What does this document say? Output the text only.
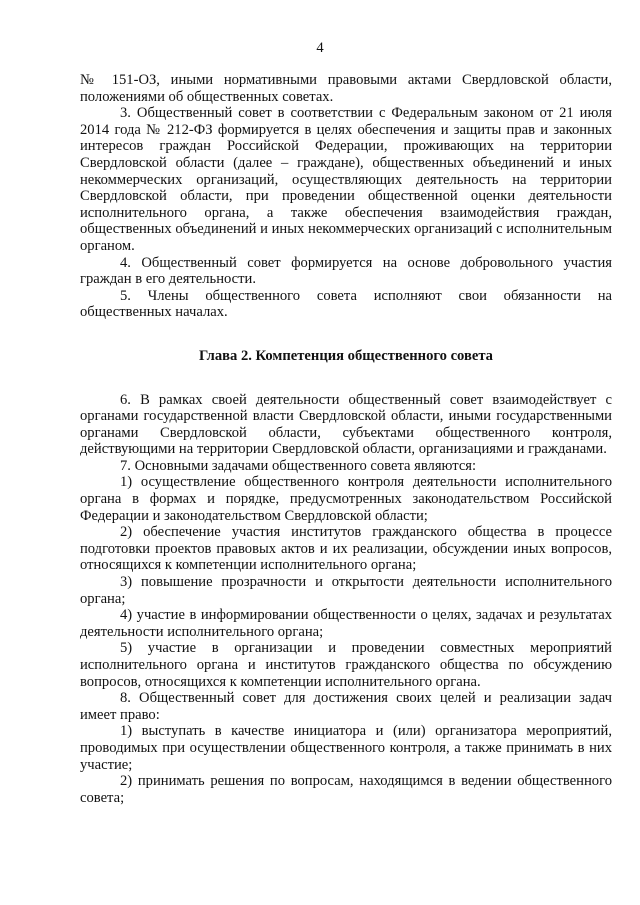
4

№ 151-ОЗ, иными нормативными правовыми актами Свердловской области, положениями об общественных советах.

3. Общественный совет в соответствии с Федеральным законом от 21 июля 2014 года № 212-ФЗ формируется в целях обеспечения и защиты прав и законных интересов граждан Российской Федерации, проживающих на территории Свердловской области (далее – граждане), общественных объединений и иных некоммерческих организаций, осуществляющих деятельность на территории Свердловской области, при проведении общественной оценки деятельности исполнительного органа, а также обеспечения взаимодействия граждан, общественных объединений и иных некоммерческих организаций с исполнительным органом.

4. Общественный совет формируется на основе добровольного участия граждан в его деятельности.

5. Члены общественного совета исполняют свои обязанности на общественных началах.

Глава 2. Компетенция общественного совета

6. В рамках своей деятельности общественный совет взаимодействует с органами государственной власти Свердловской области, иными государственными органами Свердловской области, субъектами общественного контроля, действующими на территории Свердловской области, организациями и гражданами.

7. Основными задачами общественного совета являются:

1) осуществление общественного контроля деятельности исполнительного органа в формах и порядке, предусмотренных законодательством Российской Федерации и законодательством Свердловской области;

2) обеспечение участия институтов гражданского общества в процессе подготовки проектов правовых актов и их реализации, обсуждении иных вопросов, относящихся к компетенции исполнительного органа;

3) повышение прозрачности и открытости деятельности исполнительного органа;

4) участие в информировании общественности о целях, задачах и результатах деятельности исполнительного органа;

5) участие в организации и проведении совместных мероприятий исполнительного органа и институтов гражданского общества по обсуждению вопросов, относящихся к компетенции исполнительного органа.

8. Общественный совет для достижения своих целей и реализации задач имеет право:

1) выступать в качестве инициатора и (или) организатора мероприятий, проводимых при осуществлении общественного контроля, а также принимать в них участие;

2) принимать решения по вопросам, находящимся в ведении общественного совета;
